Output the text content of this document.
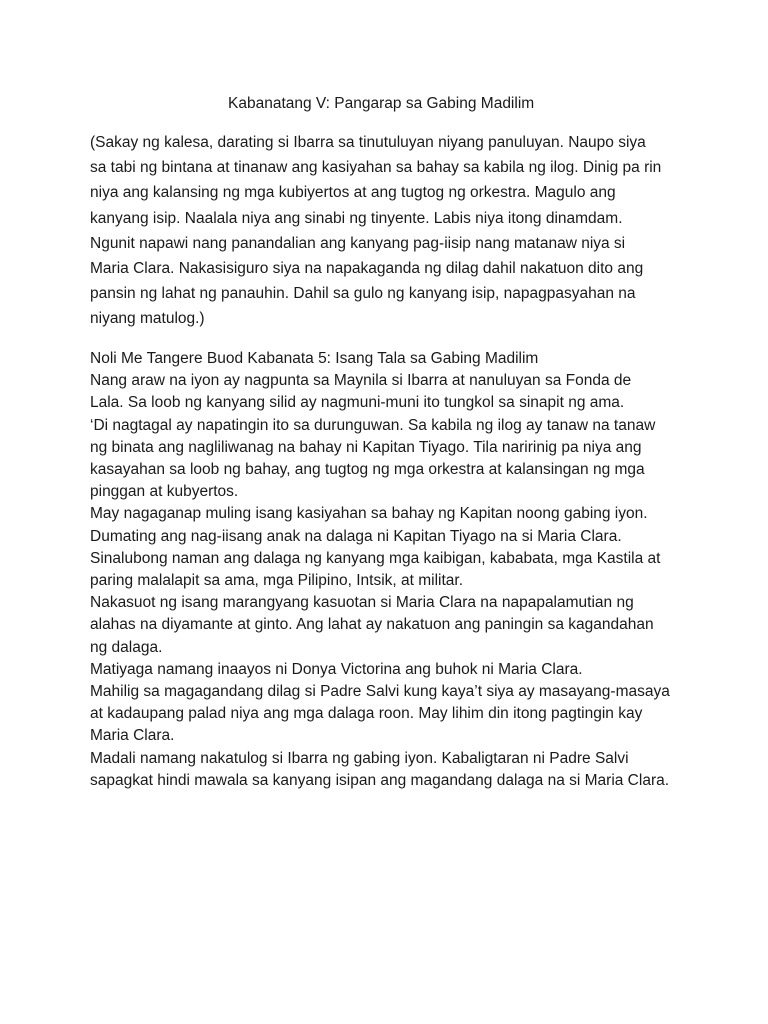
Kabanatang V: Pangarap sa Gabing Madilim
(Sakay ng kalesa, darating si Ibarra sa tinutuluyan niyang panuluyan. Naupo siya
sa tabi ng bintana at tinanaw ang kasiyahan sa bahay sa kabila ng ilog. Dinig pa rin
niya ang kalansing ng mga kubiyertos at ang tugtog ng orkestra. Magulo ang
kanyang isip. Naalala niya ang sinabi ng tinyente. Labis niya itong dinamdam.
Ngunit napawi nang panandalian ang kanyang pag-iisip nang matanaw niya si
Maria Clara. Nakasisiguro siya na napakaganda ng dilag dahil nakatuon dito ang
pansin ng lahat ng panauhin. Dahil sa gulo ng kanyang isip, napagpasyahan na
niyang matulog.)
Noli Me Tangere Buod Kabanata 5: Isang Tala sa Gabing Madilim
Nang araw na iyon ay nagpunta sa Maynila si Ibarra at nanuluyan sa Fonda de
Lala. Sa loob ng kanyang silid ay nagmuni-muni ito tungkol sa sinapit ng ama.
‘Di nagtagal ay napatingin ito sa durunguwan. Sa kabila ng ilog ay tanaw na tanaw
ng binata ang nagliliwanag na bahay ni Kapitan Tiyago. Tila naririnig pa niya ang
kasayahan sa loob ng bahay, ang tugtog ng mga orkestra at kalansingan ng mga
pinggan at kubyertos.
May nagaganap muling isang kasiyahan sa bahay ng Kapitan noong gabing iyon.
Dumating ang nag-iisang anak na dalaga ni Kapitan Tiyago na si Maria Clara.
Sinalubong naman ang dalaga ng kanyang mga kaibigan, kababata, mga Kastila at
paring malalapit sa ama, mga Pilipino, Intsik, at militar.
Nakasuot ng isang marangyang kasuotan si Maria Clara na napapalamutian ng
alahas na diyamante at ginto. Ang lahat ay nakatuon ang paningin sa kagandahan
ng dalaga.
Matiyaga namang inaayos ni Donya Victorina ang buhok ni Maria Clara.
Mahilig sa magagandang dilag si Padre Salvi kung kaya’t siya ay masayang-masaya
at kadaupang palad niya ang mga dalaga roon. May lihim din itong pagtingin kay
Maria Clara.
Madali namang nakatulog si Ibarra ng gabing iyon. Kabaligtaran ni Padre Salvi
sapagkat hindi mawala sa kanyang isipan ang magandang dalaga na si Maria Clara.
